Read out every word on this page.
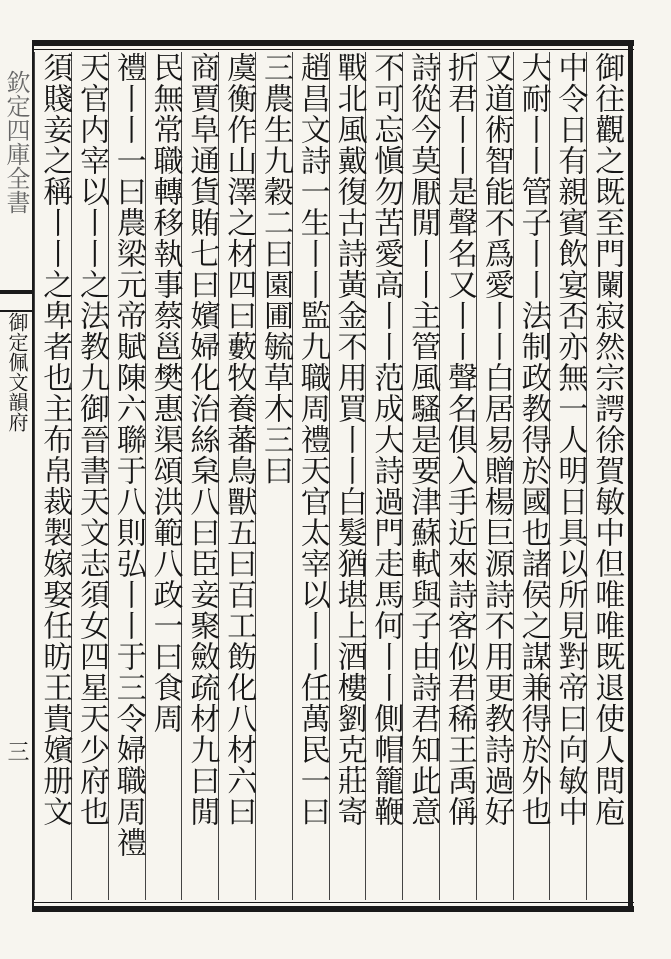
欽定四庫全書
御定佩文韻府
三	御往觀之既至門闌寂然宗諤徐賀敏中但唯唯既退使人問庖
中令日有親賓飲宴否亦無一人明日具以所見對帝曰向敏中
大耐丨丨管子丨丨法制政教得於國也諸侯之謀兼得於外也
又道術智能不爲愛丨丨白居易贈楊巨源詩不用更教詩過好
折君丨丨是聲名又丨丨聲名俱入手近來詩客似君稀王禹偁
詩從今莫厭閒丨丨主管風騷是要津蘇軾與子由詩君知此意
不可忘愼勿苦愛高丨丨范成大詩過門走馬何丨丨側帽籠鞭
戰北風戴復古詩黃金不用買丨丨白髮猶堪上酒樓劉克莊寄
趙昌文詩一生丨丨監九職周禮天官太宰以丨丨任萬民一曰
三農生九穀二曰園圃毓草木三曰
虞衡作山澤之材四曰藪牧養蕃鳥獸五曰百工飭化八材六曰
商賈阜通貨賄七曰嬪婦化治絲枲八曰臣妾聚斂疏材九曰閒
民無常職轉移執事蔡邕樊惠渠頌洪範八政一曰食周
禮丨丨一曰農梁元帝賦陳六聯于八則弘丨丨于三令婦職周禮
天官内宰以丨丨之法教九御晉書天文志須女四星天少府也
須賤妾之稱丨丨之卑者也主布帛裁製嫁娶任昉王貴嬪册文
